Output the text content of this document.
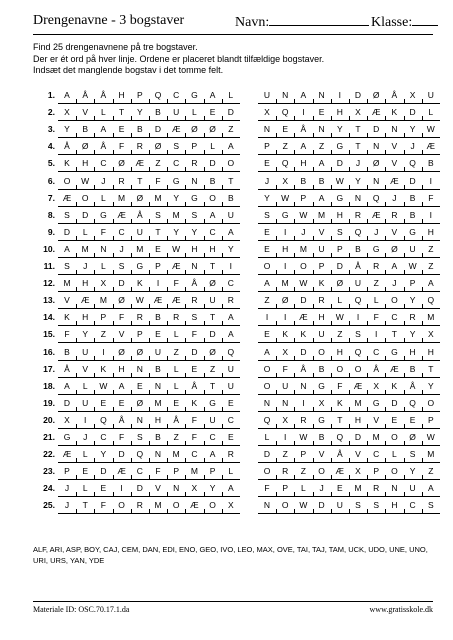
Drengenavne - 3 bogstaver	Navn:	Klasse:
Find 25 drengenavnene på tre bogstaver.
Der er ét ord på hver linje. Ordene er placeret blandt tilfældige bogstaver.
Indsæt det manglende bogstav i det tomme felt.
1.	A	Å	Å	H	P	Q	C	G	A	L	U	N	A	N	I	D	Ø	Å	X	U
2.	X	V	L	T	Y	B	U	L	E	D	X	Q	I	E	H	X	Æ	K	D	L
3.	Y	B	A	E	B	D	Æ	Ø	Ø	Z	N	E	Å	N	Y	T	D	N	Y	W
4.	Å	Ø	Å	F	R	Ø	S	P	L	A	P	Z	A	Z	G	T	N	V	J	Æ
5.	K	H	C	Ø	Æ	Z	C	R	D	O	E	Q	H	A	D	J	Ø	V	Q	B
6.	O	W	J	R	T	F	G	N	B	T	J	X	B	B	W	Y	N	Æ	D	I
7. Æ	O	L	M	Ø	M	Y	G	O	B	Y	W	P	A	G	N	Q	J	B	F
8.	S	D	G	Æ	Å	S	M	S	A	U	S	G	W	M	H	R	Æ	R	B	I
9.	D	L	F	C	U	T	Y	Y	C	A	E	I	J	V	S	Q	J	V	G	H
10.	A	M	N	J	M	E	W	H	H	Y	E	H	M	U	P	B	G	Ø	U	Z
11.	S	J	L	S	G	P	Æ	N	T	I	O	I	O	P	D	Å	R	A	W	Z
12. M	H	X	D	K	I	F	Å	Ø	C	A	M	W	K	Ø	U	Z	J	P	A
13.	V	Æ	M	Ø	W	Æ	Æ	R	U	R	Z	Ø	D	R	L	Q	L	O	Y	Q
14.	K	H	P	F	R	B	R	S	T	A	I	I	Æ	H	W	I	F	C	R	M
15.	F	Y	Z	V	P	E	L	F	D	A	E	K	K	U	Z	S	I	T	Y	X
16.	B	U	I	Ø	Ø	U	Z	D	Ø	Q	A	X	D	O	H	Q	C	G	H	H
17.	Å	V	K	H	N	B	L	E	Z	U	O	F	Å	B	O	O	Å	Æ	B	T
18.	A	L	W	A	E	N	L	Å	T	U	O	U	N	G	F	Æ	X	K	Å	Y
19.	D	U	E	E	Ø	M	E	K	G	E	N	N	I	X	K	M	G	D	Q	O
20.	X	I	Q	Å	N	H	Å	F	U	C	Q	X	R	G	T	H	V	E	E	P
21.	G	J	C	F	S	B	Z	F	C	E	L	I	W	B	Q	D	M	O	Ø	W
22. Æ	L	Y	D	Q	N	M	C	A	R	D	Z	P	V	Å	V	C	L	S	M
23.	P	E	D	Æ	C	F	P	M	P	L	O	R	Z	O	Æ	X	P	O	Y	Z
24.	J	L	E	I	D	V	N	X	Y	A	F	P	L	J	E	M	R	N	U	A
25.	J	T	F	O	R	M	O	Æ	O	X	N	O	W	D	U	S	S	H	C	S
ALF, ARI, ASP, BOY, CAJ, CEM, DAN, EDI, ENO, GEO, IVO, LEO, MAX, OVE, TAI, TAJ, TAM, UCK, UDO, UNE, UNO, URI, URS, YAN, YDE
Materiale ID: OSC.70.17.1.da	www.gratisskole.dk
